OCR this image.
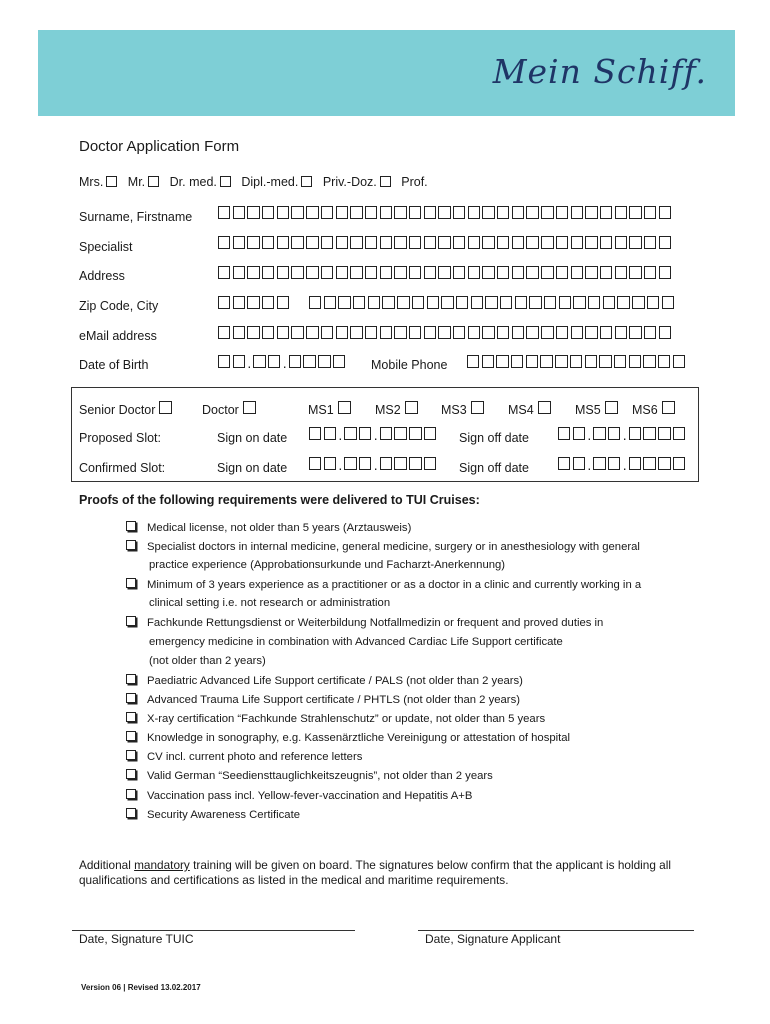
Mein Schiff.
Doctor Application Form
Mrs. Mr. Dr. med. Dipl.-med. Priv.-Doz. Prof.
Surname, Firstname
Specialist
Address
Zip Code, City
eMail address
Date of Birth	. .	Mobile Phone
Senior Doctor	Doctor	MS1	MS2	MS3	MS4	MS5	MS6
Proposed Slot:	Sign on date	. .	Sign off date	. .
Confirmed Slot:	Sign on date	. .	Sign off date	. .
Proofs of the following requirements were delivered to TUI Cruises:
Medical license, not older than 5 years (Arztausweis)
Specialist doctors in internal medicine, general medicine, surgery or in anesthesiology with general
practice experience (Approbationsurkunde und Facharzt-Anerkennung)
Minimum of 3 years experience as a practitioner or as a doctor in a clinic and currently working in a
clinical setting i.e. not research or administration
Fachkunde Rettungsdienst or Weiterbildung Notfallmedizin or frequent and proved duties in
emergency medicine in combination with Advanced Cardiac Life Support certificate
(not older than 2 years)
Paediatric Advanced Life Support certificate / PALS (not older than 2 years)
Advanced Trauma Life Support certificate / PHTLS (not older than 2 years)
X-ray certification “Fachkunde Strahlenschutz” or update, not older than 5 years
Knowledge in sonography, e.g. Kassenärztliche Vereinigung or attestation of hospital
CV incl. current photo and reference letters
Valid German “Seediensttauglichkeitszeugnis”, not older than 2 years
Vaccination pass incl. Yellow-fever-vaccination and Hepatitis A+B
Security Awareness Certificate
Additional mandatory training will be given on board. The signatures below confirm that the applicant is holding all qualifications and certifications as listed in the medical and maritime requirements.
Date, Signature TUIC	Date, Signature Applicant
Version 06 | Revised 13.02.2017
